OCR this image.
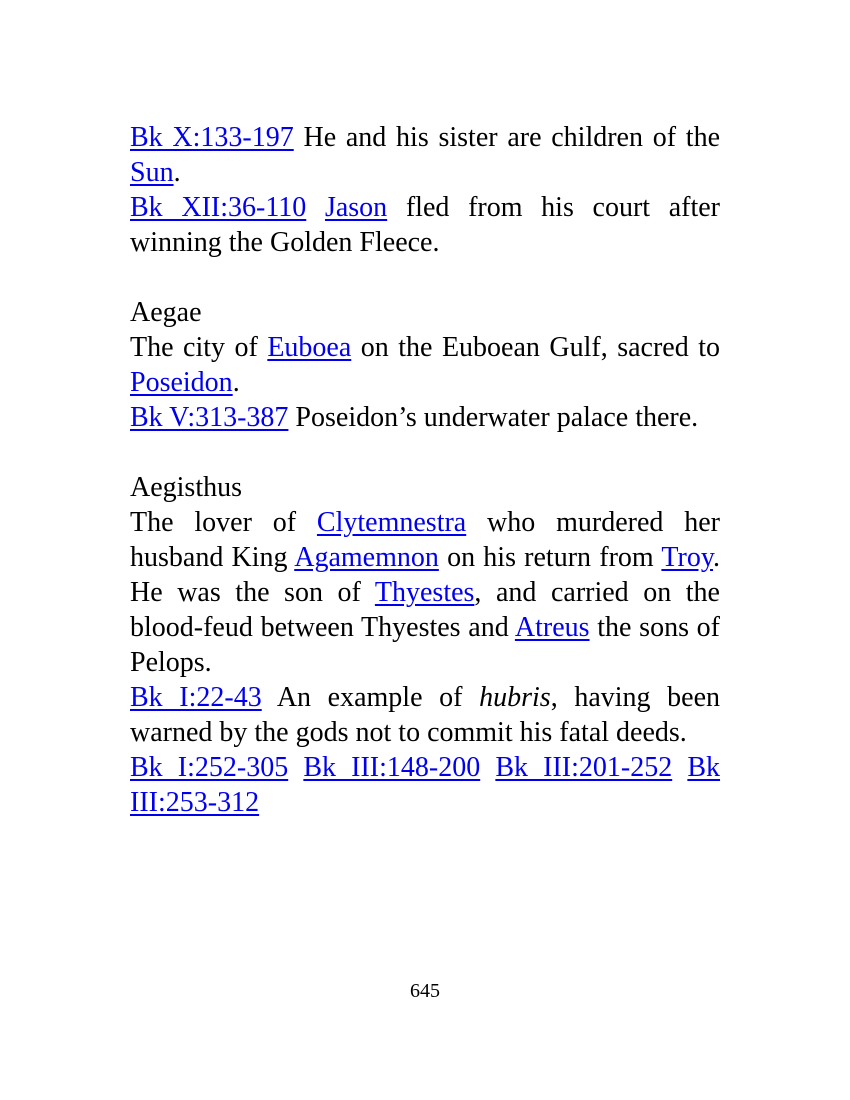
Bk X:133-197 He and his sister are children of the Sun.

Bk XII:36-110 Jason fled from his court after winning the Golden Fleece.

Aegae

The city of Euboea on the Euboean Gulf, sacred to Poseidon.

Bk V:313-387 Poseidon’s underwater palace there.

Aegisthus

The lover of Clytemnestra who murdered her husband King Agamemnon on his return from Troy. He was the son of Thyestes, and carried on the blood-feud between Thyestes and Atreus the sons of Pelops.

Bk I:22-43 An example of hubris, having been warned by the gods not to commit his fatal deeds.

Bk I:252-305 Bk III:148-200 Bk III:201-252 Bk III:253-312

645
